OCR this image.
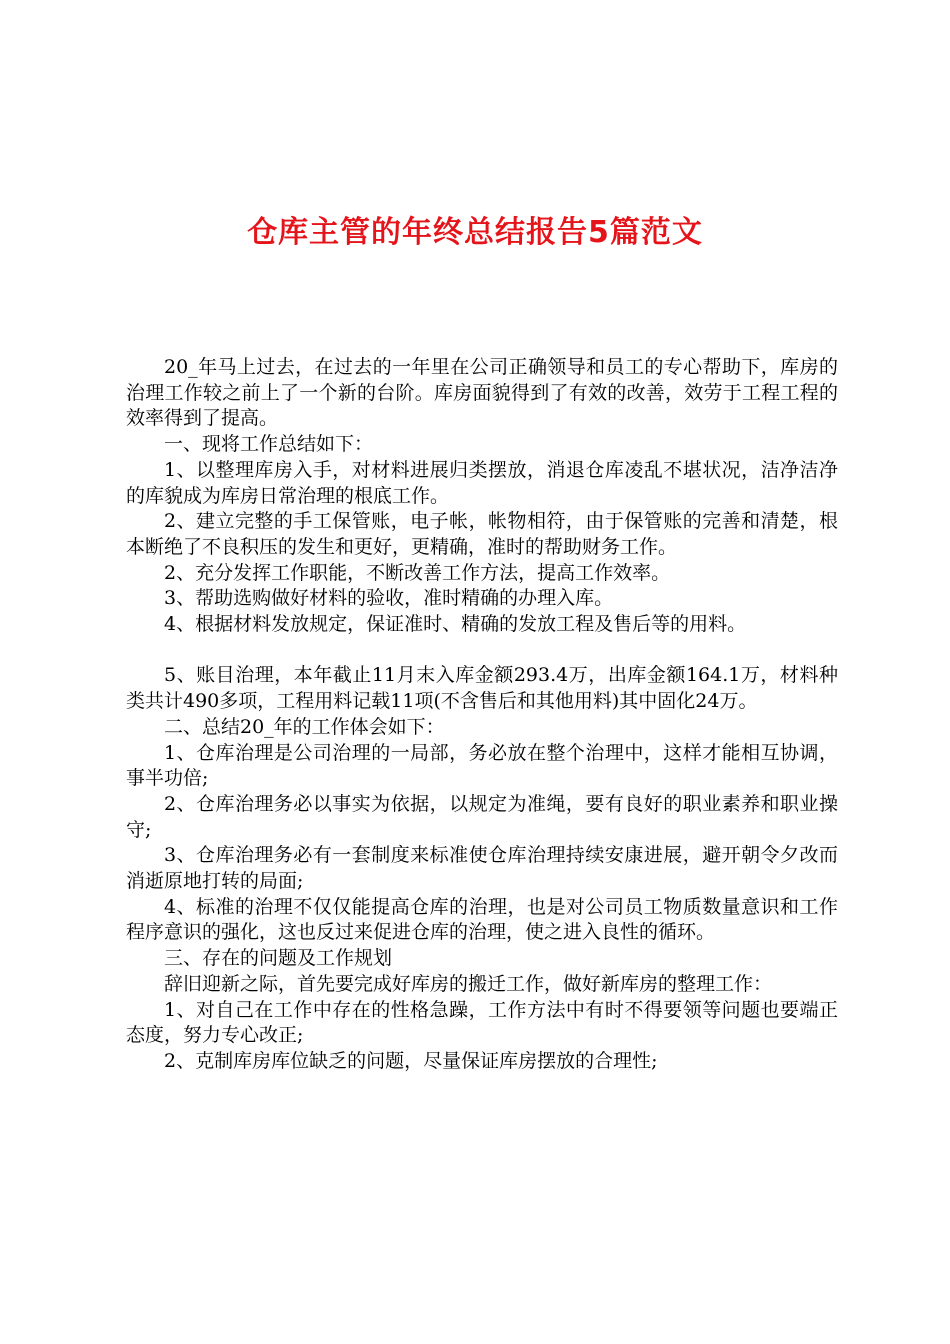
仓库主管的年终总结报告5篇范文

20_年马上过去，在过去的一年里在公司正确领导和员工的专心帮助下，库房的治理工作较之前上了一个新的台阶。库房面貌得到了有效的改善，效劳于工程工程的效率得到了提高。

一、现将工作总结如下：

1、以整理库房入手，对材料进展归类摆放，消退仓库凌乱不堪状况，洁净洁净的库貌成为库房日常治理的根底工作。

2、建立完整的手工保管账，电子帐，帐物相符，由于保管账的完善和清楚，根本断绝了不良积压的发生和更好，更精确，准时的帮助财务工作。

2、充分发挥工作职能，不断改善工作方法，提高工作效率。

3、帮助选购做好材料的验收，准时精确的办理入库。

4、根据材料发放规定，保证准时、精确的发放工程及售后等的用料。

5、账目治理，本年截止11月末入库金额293.4万，出库金额164.1万，材料种类共计490多项，工程用料记载11项(不含售后和其他用料)其中固化24万。

二、总结20_年的工作体会如下：

1、仓库治理是公司治理的一局部，务必放在整个治理中，这样才能相互协调，事半功倍;

2、仓库治理务必以事实为依据，以规定为准绳，要有良好的职业素养和职业操守;

3、仓库治理务必有一套制度来标准使仓库治理持续安康进展，避开朝令夕改而消逝原地打转的局面;

4、标准的治理不仅仅能提高仓库的治理，也是对公司员工物质数量意识和工作程序意识的强化，这也反过来促进仓库的治理，使之进入良性的循环。

三、存在的问题及工作规划

辞旧迎新之际，首先要完成好库房的搬迁工作，做好新库房的整理工作：

1、对自己在工作中存在的性格急躁，工作方法中有时不得要领等问题也要端正态度，努力专心改正;

2、克制库房库位缺乏的问题，尽量保证库房摆放的合理性;
